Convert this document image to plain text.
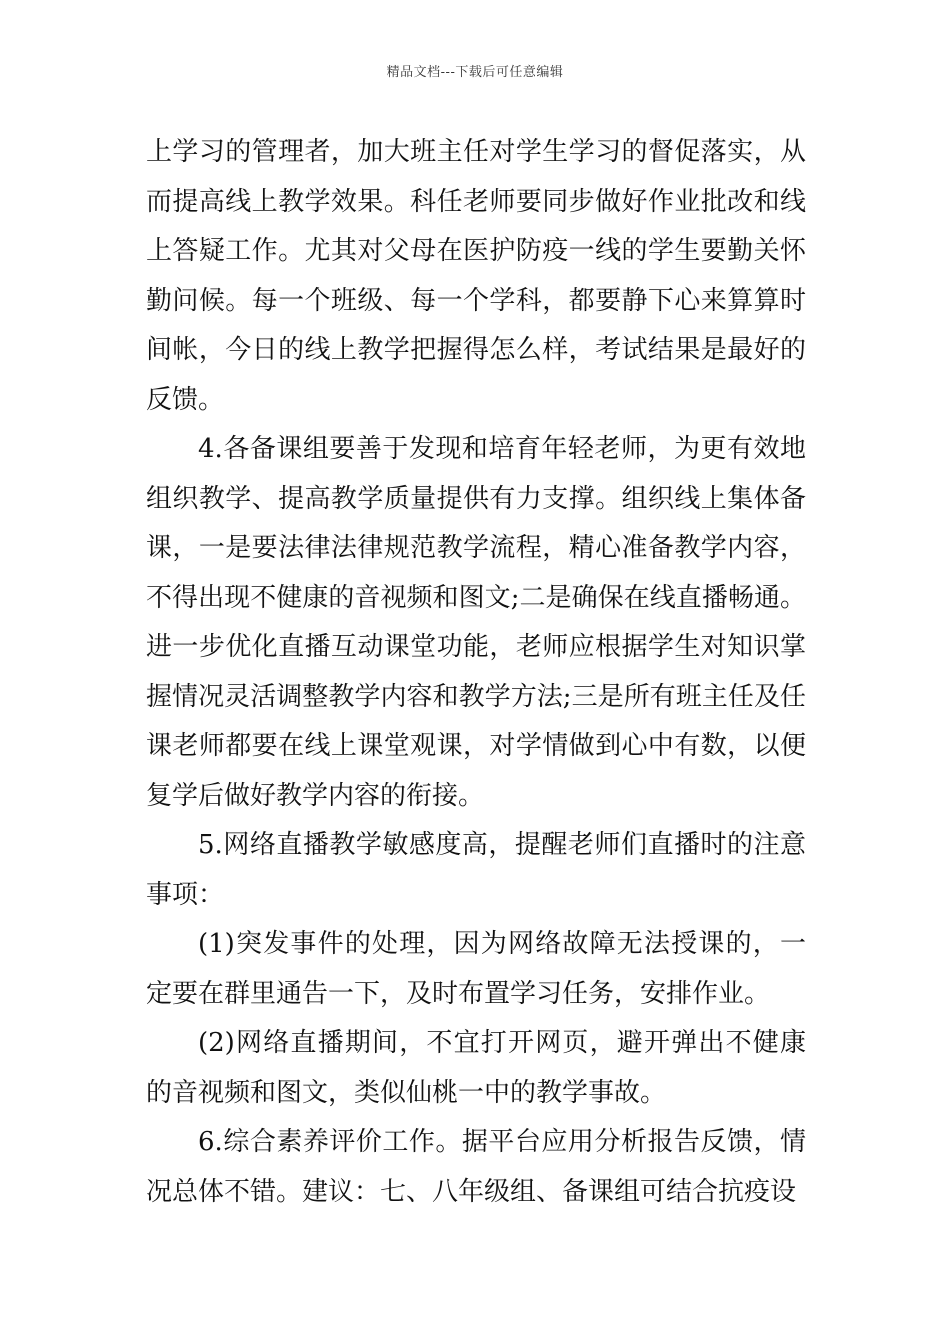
精品文档---下载后可任意编辑

上学习的管理者，加大班主任对学生学习的督促落实，从而提高线上教学效果。科任老师要同步做好作业批改和线上答疑工作。尤其对父母在医护防疫一线的学生要勤关怀勤问候。每一个班级、每一个学科，都要静下心来算算时间帐，今日的线上教学把握得怎么样，考试结果是最好的反馈。

4.各备课组要善于发现和培育年轻老师，为更有效地组织教学、提高教学质量提供有力支撑。组织线上集体备课，一是要法律法律规范教学流程，精心准备教学内容，不得出现不健康的音视频和图文;二是确保在线直播畅通。进一步优化直播互动课堂功能，老师应根据学生对知识掌握情况灵活调整教学内容和教学方法;三是所有班主任及任课老师都要在线上课堂观课，对学情做到心中有数，以便复学后做好教学内容的衔接。

5.网络直播教学敏感度高，提醒老师们直播时的注意事项：

(1)突发事件的处理，因为网络故障无法授课的，一定要在群里通告一下，及时布置学习任务，安排作业。

(2)网络直播期间，不宜打开网页，避开弹出不健康的音视频和图文，类似仙桃一中的教学事故。

6.综合素养评价工作。据平台应用分析报告反馈，情况总体不错。建议：七、八年级组、备课组可结合抗疫设
